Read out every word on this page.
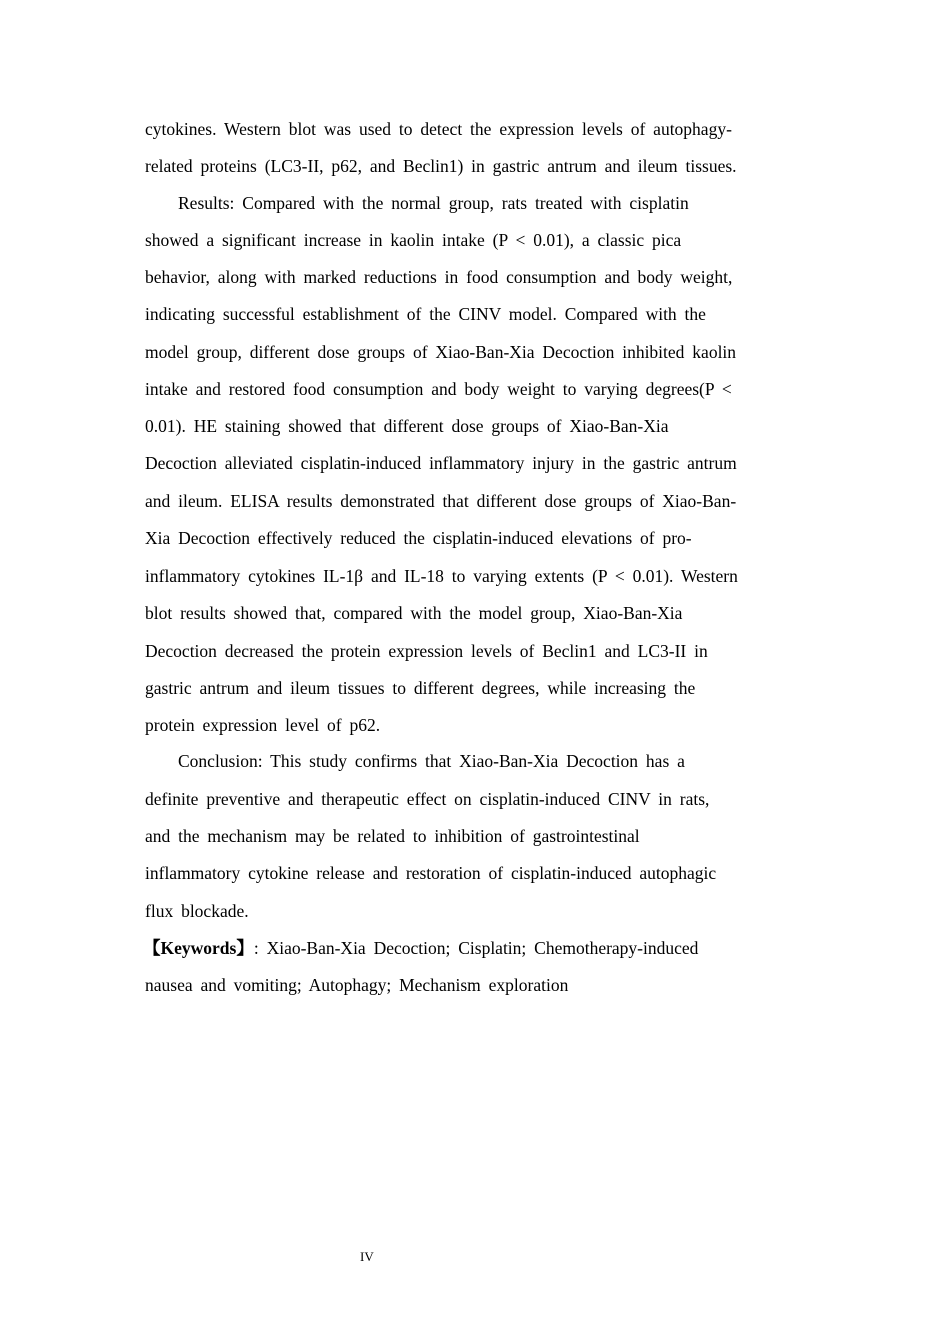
cytokines. Western blot was used to detect the expression levels of autophagy-
related proteins (LC3-II, p62, and Beclin1) in gastric antrum and ileum tissues.
Results: Compared with the normal group, rats treated with cisplatin
showed a significant increase in kaolin intake (P < 0.01), a classic pica
behavior, along with marked reductions in food consumption and body weight,
indicating successful establishment of the CINV model. Compared with the
model group, different dose groups of Xiao-Ban-Xia Decoction inhibited kaolin
intake and restored food consumption and body weight to varying degrees(P <
0.01). HE staining showed that different dose groups of Xiao-Ban-Xia
Decoction alleviated cisplatin-induced inflammatory injury in the gastric antrum
and ileum. ELISA results demonstrated that different dose groups of Xiao-Ban-
Xia Decoction effectively reduced the cisplatin-induced elevations of pro-
inflammatory cytokines IL-1β and IL-18 to varying extents (P < 0.01). Western
blot results showed that, compared with the model group, Xiao-Ban-Xia
Decoction decreased the protein expression levels of Beclin1 and LC3-II in
gastric antrum and ileum tissues to different degrees, while increasing the
protein expression level of p62.
Conclusion: This study confirms that Xiao-Ban-Xia Decoction has a
definite preventive and therapeutic effect on cisplatin-induced CINV in rats,
and the mechanism may be related to inhibition of gastrointestinal
inflammatory cytokine release and restoration of cisplatin-induced autophagic
flux blockade.
【Keywords】: Xiao-Ban-Xia Decoction; Cisplatin; Chemotherapy-induced
nausea and vomiting; Autophagy; Mechanism exploration
IV
